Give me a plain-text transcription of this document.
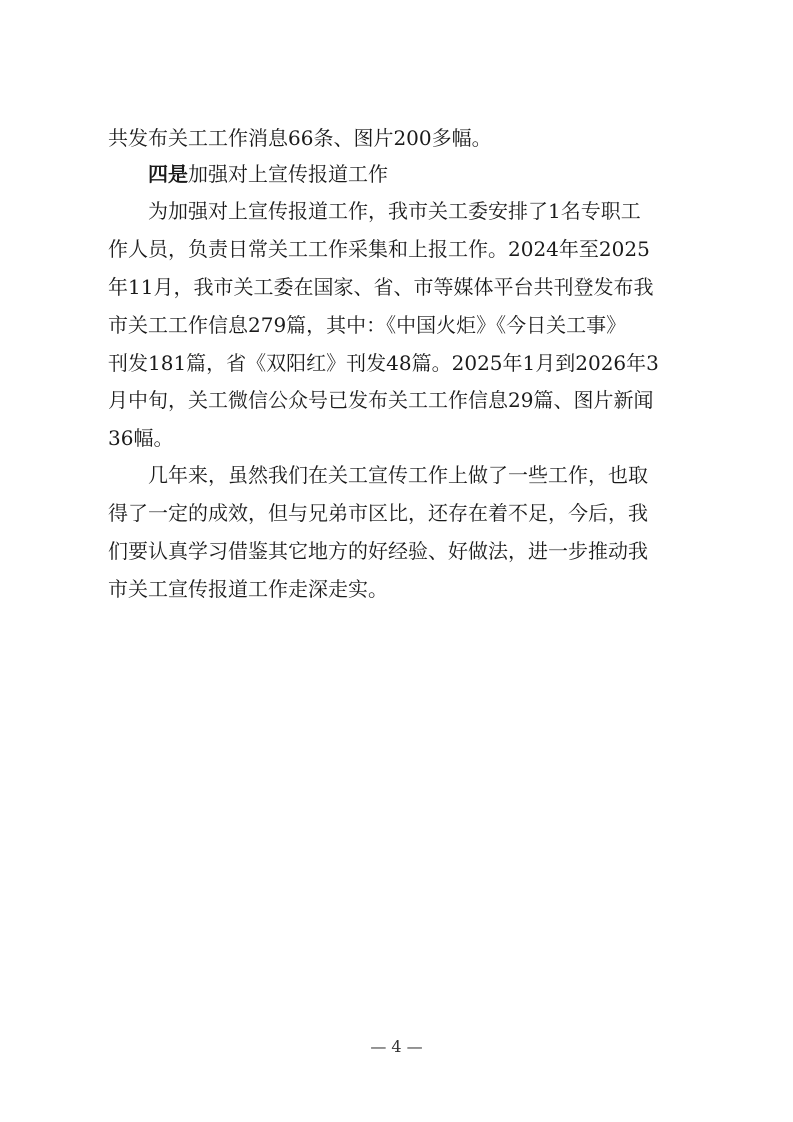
共发布关工工作消息66条、图片200多幅。
四是加强对上宣传报道工作
为加强对上宣传报道工作，我市关工委安排了1名专职工
作人员，负责日常关工工作采集和上报工作。2024年至2025
年11月，我市关工委在国家、省、市等媒体平台共刊登发布我
市关工工作信息279篇，其中：《中国火炬》《今日关工事》
刊发181篇，省《双阳红》刊发48篇。2025年1月到2026年3
月中旬，关工微信公众号已发布关工工作信息29篇、图片新闻
36幅。
几年来，虽然我们在关工宣传工作上做了一些工作，也取
得了一定的成效，但与兄弟市区比，还存在着不足，今后，我
们要认真学习借鉴其它地方的好经验、好做法，进一步推动我
市关工宣传报道工作走深走实。
— 4 —
